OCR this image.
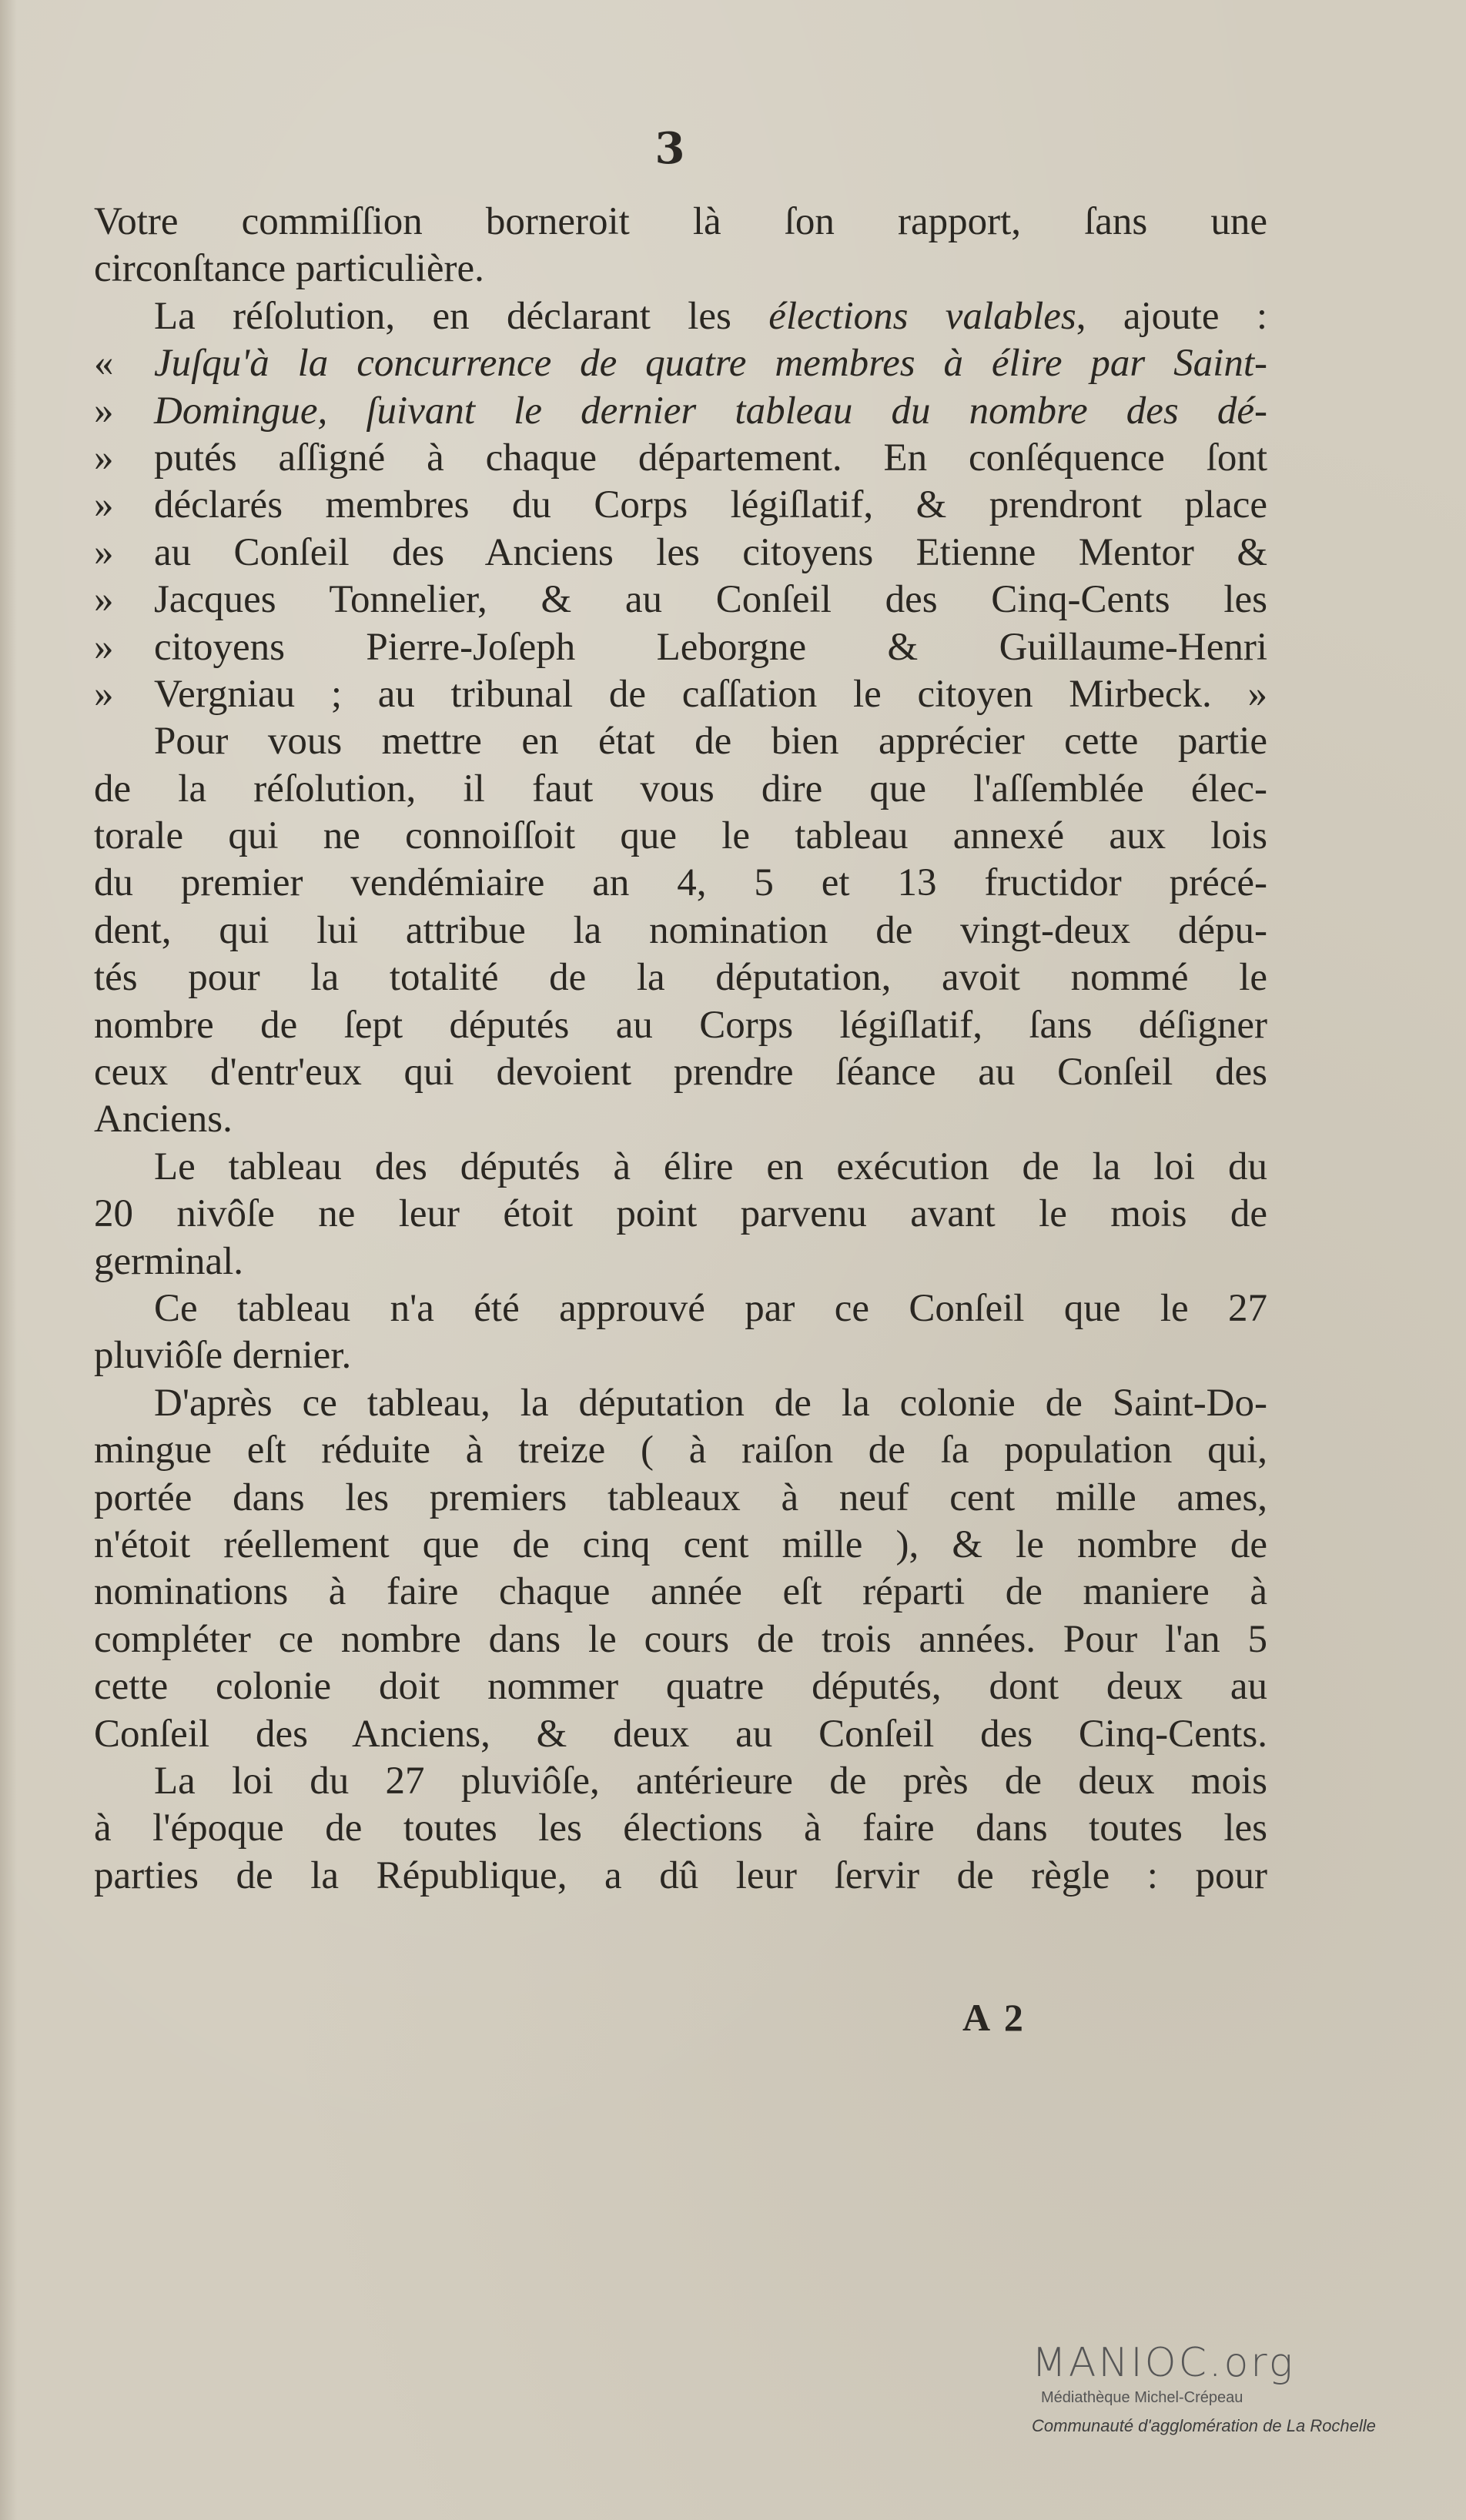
3
Votre commiſſion borneroit là ſon rapport, ſans une
circonſtance particulière.
La réſolution, en déclarant les élections valables, ajoute :
« Juſqu'à la concurrence de quatre membres à élire par Saint-
» Domingue, ſuivant le dernier tableau du nombre des dé-
» putés aſſigné à chaque département. En conſéquence ſont
» déclarés membres du Corps légiſlatif, & prendront place
» au Conſeil des Anciens les citoyens Etienne Mentor &
» Jacques Tonnelier, & au Conſeil des Cinq-Cents les
» citoyens Pierre-Joſeph Leborgne & Guillaume-Henri
» Vergniau ; au tribunal de caſſation le citoyen Mirbeck. »
Pour vous mettre en état de bien apprécier cette partie
de la réſolution, il faut vous dire que l'aſſemblée élec-
torale qui ne connoiſſoit que le tableau annexé aux lois
du premier vendémiaire an 4, 5 et 13 fructidor précé-
dent, qui lui attribue la nomination de vingt-deux dépu-
tés pour la totalité de la députation, avoit nommé le
nombre de ſept députés au Corps légiſlatif, ſans déſigner
ceux d'entr'eux qui devoient prendre ſéance au Conſeil des
Anciens.
Le tableau des députés à élire en exécution de la loi du
20 nivôſe ne leur étoit point parvenu avant le mois de
germinal.
Ce tableau n'a été approuvé par ce Conſeil que le 27
pluviôſe dernier.
D'après ce tableau, la députation de la colonie de Saint-Do-
mingue eſt réduite à treize ( à raiſon de ſa population qui,
portée dans les premiers tableaux à neuf cent mille ames,
n'étoit réellement que de cinq cent mille ), & le nombre de
nominations à faire chaque année eſt réparti de maniere à
compléter ce nombre dans le cours de trois années. Pour l'an 5
cette colonie doit nommer quatre députés, dont deux au
Conſeil des Anciens, & deux au Conſeil des Cinq-Cents.
La loi du 27 pluviôſe, antérieure de près de deux mois
à l'époque de toutes les élections à faire dans toutes les
parties de la République, a dû leur ſervir de règle : pour
A 2
MANIOC.org
Médiathèque Michel-Crépeau
Communauté d'agglomération de La Rochelle
